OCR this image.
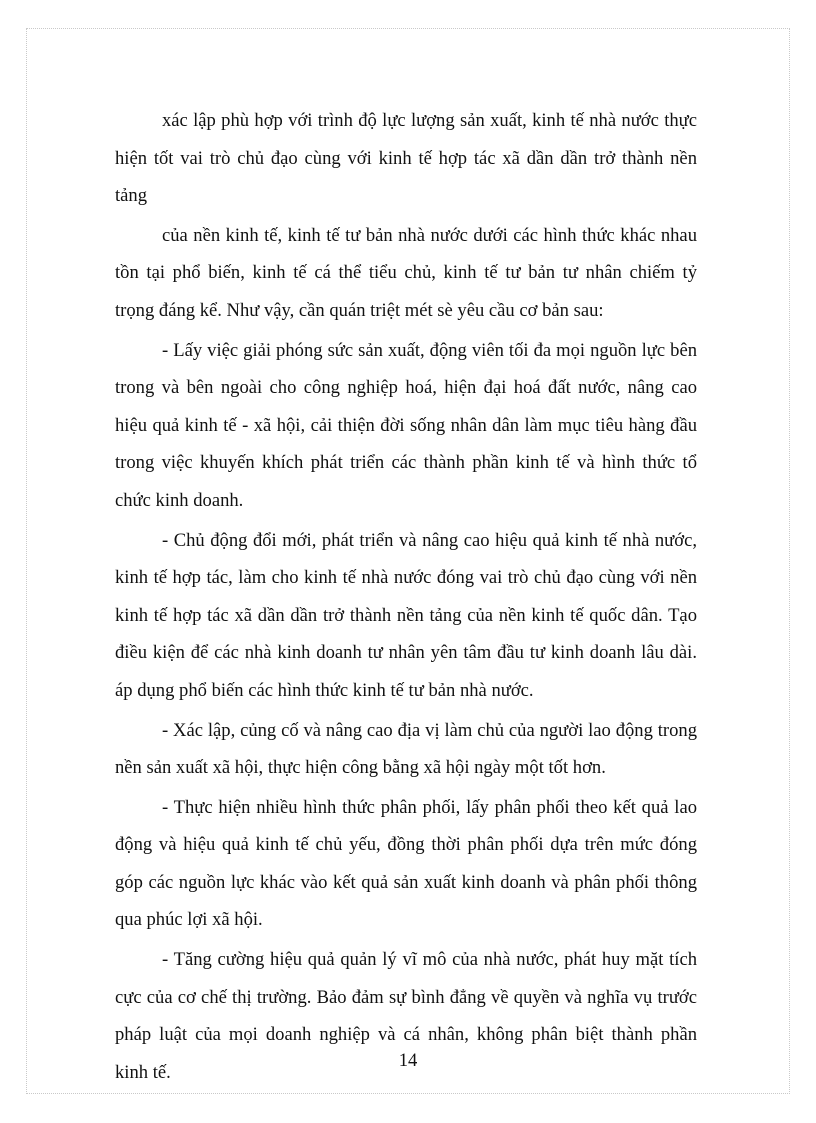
xác lập phù hợp với trình độ lực lượng sản xuất, kinh tế nhà nước thực
hiện tốt vai trò chủ đạo cùng với kinh tế hợp tác xã dần dần trở thành nền
tảng
của nền kinh tế, kinh tế tư bản nhà nước dưới các hình thức khác nhau
tồn tại phổ biến, kinh tế cá thể tiểu chủ, kinh tế tư bản tư nhân chiếm tỷ
trọng đáng kể. Như vậy, cần quán triệt mét sè yêu cầu cơ bản sau:
- Lấy việc giải phóng sức sản xuất, động viên tối đa mọi nguồn lực bên
trong và bên ngoài cho công nghiệp hoá, hiện đại hoá đất nước, nâng cao
hiệu quả kinh tế - xã hội, cải thiện đời sống nhân dân làm mục tiêu hàng đầu
trong việc khuyến khích phát triển các thành phần kinh tế và hình thức tổ
chức kinh doanh.
- Chủ động đổi mới, phát triển và nâng cao hiệu quả kinh tế nhà nước,
kinh tế hợp tác, làm cho kinh tế nhà nước đóng vai trò chủ đạo cùng với nền
kinh tế hợp tác xã dần dần trở thành nền tảng của nền kinh tế quốc dân. Tạo
điều kiện để các nhà kinh doanh tư nhân yên tâm đầu tư kinh doanh lâu dài.
áp dụng phổ biến các hình thức kinh tế tư bản nhà nước.
- Xác lập, củng cố và nâng cao địa vị làm chủ của người lao động trong
nền sản xuất xã hội, thực hiện công bằng xã hội ngày một tốt hơn.
- Thực hiện nhiều hình thức phân phối, lấy phân phối theo kết quả lao
động và hiệu quả kinh tế chủ yếu, đồng thời phân phối dựa trên mức đóng
góp các nguồn lực khác vào kết quả sản xuất kinh doanh và phân phối thông
qua phúc lợi xã hội.
- Tăng cường hiệu quả quản lý vĩ mô của nhà nước, phát huy mặt tích
cực của cơ chế thị trường. Bảo đảm sự bình đẳng về quyền và nghĩa vụ trước
pháp luật của mọi doanh nghiệp và cá nhân, không phân biệt thành phần
kinh tế.
14
